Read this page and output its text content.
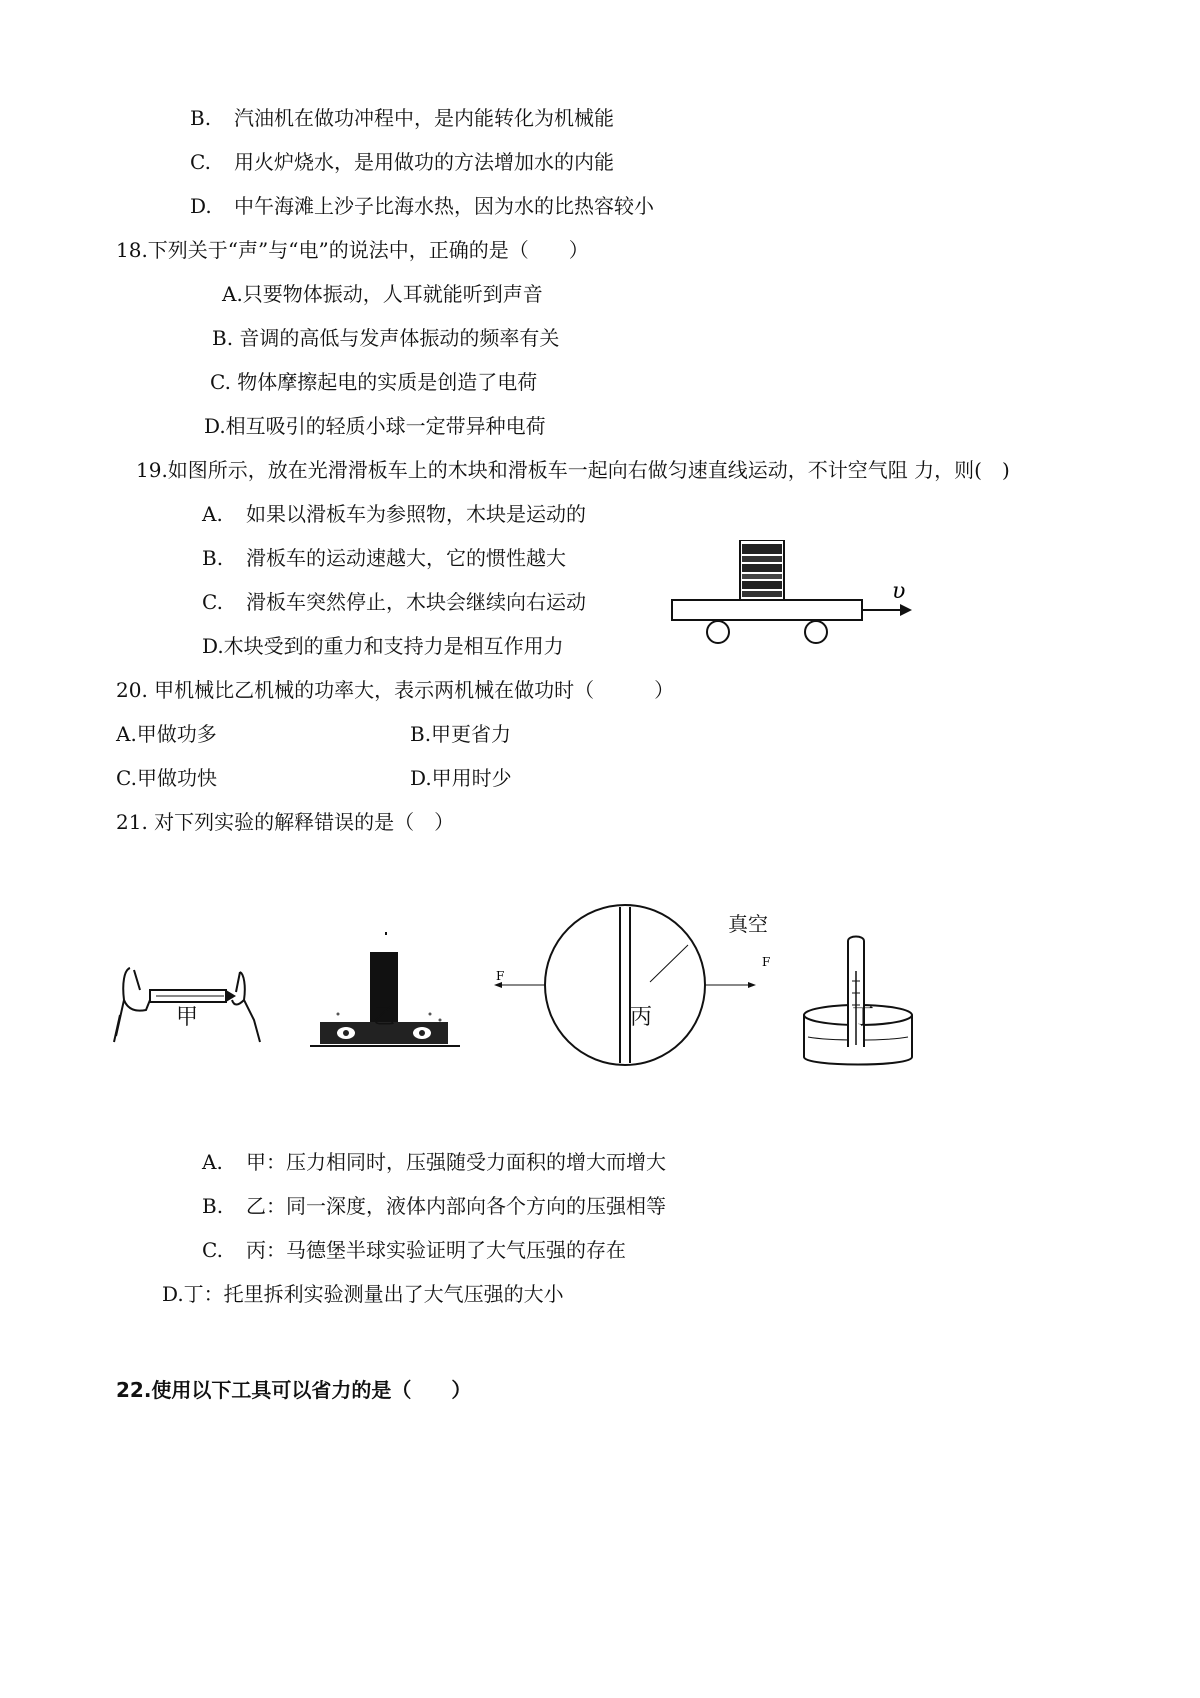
B. 汽油机在做功冲程中，是内能转化为机械能
C. 用火炉烧水，是用做功的方法增加水的内能
D. 中午海滩上沙子比海水热，因为水的比热容较小
18.下列关于“声”与“电”的说法中，正确的是（　　）
A.只要物体振动，人耳就能听到声音
B. 音调的高低与发声体振动的频率有关
C. 物体摩擦起电的实质是创造了电荷
D.相互吸引的轻质小球一定带异种电荷
19.如图所示，放在光滑滑板车上的木块和滑板车一起向右做匀速直线运动，不计空气阻 力，则(　)
A. 如果以滑板车为参照物，木块是运动的
B. 滑板车的运动速越大，它的惯性越大
C. 滑板车突然停止，木块会继续向右运动
D.木块受到的重力和支持力是相互作用力
υ
20. 甲机械比乙机械的功率大，表示两机械在做功时（　　　）
A.甲做功多	B.甲更省力
C.甲做功快	D.甲用时少
21. 对下列实验的解释错误的是（　）
甲	乙
F
F
真空
丙	丁
A. 甲：压力相同时，压强随受力面积的增大而增大
B. 乙：同一深度，液体内部向各个方向的压强相等
C. 丙：马德堡半球实验证明了大气压强的存在
D.丁：托里拆利实验测量出了大气压强的大小
22.使用以下工具可以省力的是（　　）
